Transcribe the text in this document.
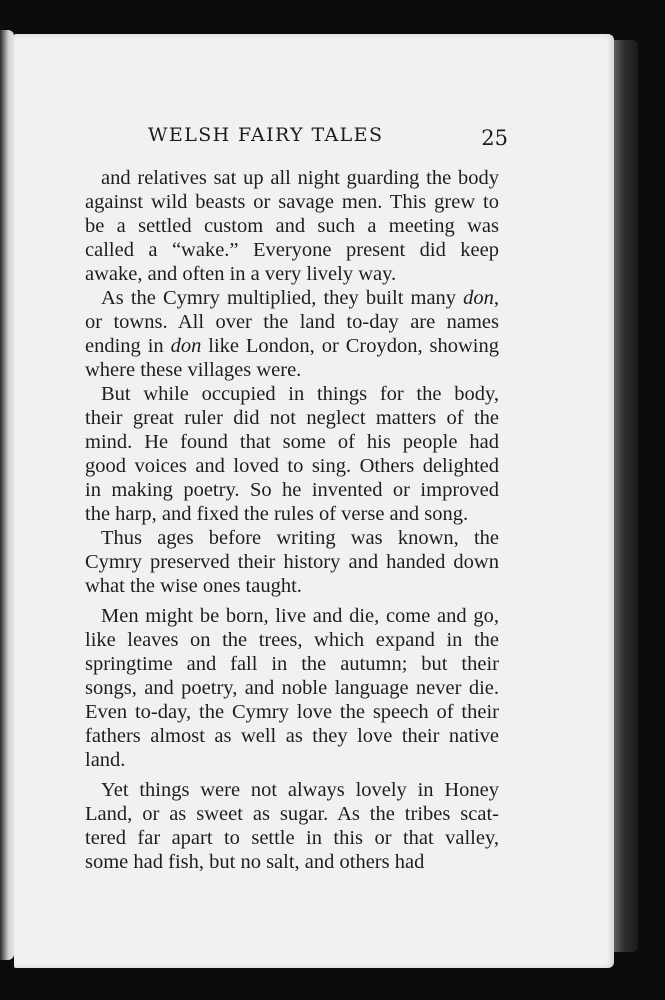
WELSH FAIRY TALES	25
and relatives sat up all night guarding the body
against wild beasts or savage men. This grew to
be a settled custom and such a meeting was
called a “wake.” Everyone present did keep
awake, and often in a very lively way.
As the Cymry multiplied, they built many don,
or towns. All over the land to-day are names
ending in don like London, or Croydon, showing
where these villages were.
But while occupied in things for the body,
their great ruler did not neglect matters of the
mind. He found that some of his people had
good voices and loved to sing. Others delighted
in making poetry. So he invented or improved
the harp, and fixed the rules of verse and song.
Thus ages before writing was known, the
Cymry preserved their history and handed down
what the wise ones taught.
Men might be born, live and die, come and go,
like leaves on the trees, which expand in the
springtime and fall in the autumn; but their
songs, and poetry, and noble language never die.
Even to-day, the Cymry love the speech of their
fathers almost as well as they love their native
land.
Yet things were not always lovely in Honey
Land, or as sweet as sugar. As the tribes scat-
tered far apart to settle in this or that valley,
some had fish, but no salt, and others had
